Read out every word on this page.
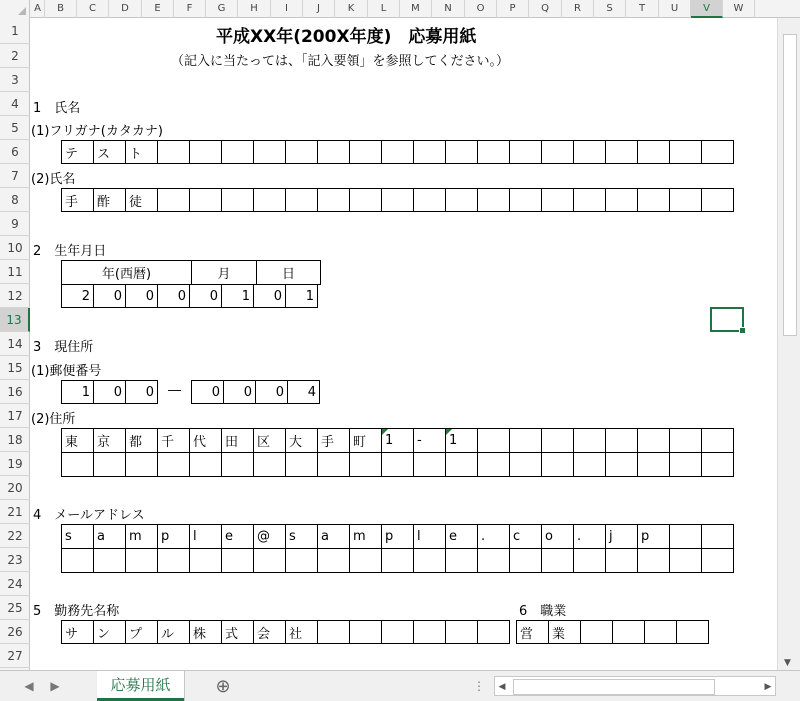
A	B	C	D	E	F	G	H	I	J	K	L	M	N	O	P	Q	R	S	T	U	V	W
1
2
3
4
5
6
7
8
9
10
11
12
13
14
15
16
17
18
19
20
21
22
23
24
25
26
27
平成XX年(200X年度)　応募用紙
（記入に当たっては、「記入要領」を参照してください。）
1　氏名
(1)フリガナ(カタカナ)
テ	ス	ト
(2)氏名
手	酢	徒
2　生年月日
年(西暦)	月	日
2	0	0	0	0	1	0	1
3　現住所
(1)郵便番号
1	0	0	―	0	0	0	4
(2)住所
東	京	都	千	代	田	区	大	手	町	1	-	1
4　メールアドレス
s	a	m	p	l	e	@	s	a	m	p	l	e	.	c	o	.	j	p
5　勤務先名称
サ	ン	プ	ル	株	式	会	社
6　職業
営	業
▼
◀ ▶	応募用紙	⊕	⋮	◀	▶
